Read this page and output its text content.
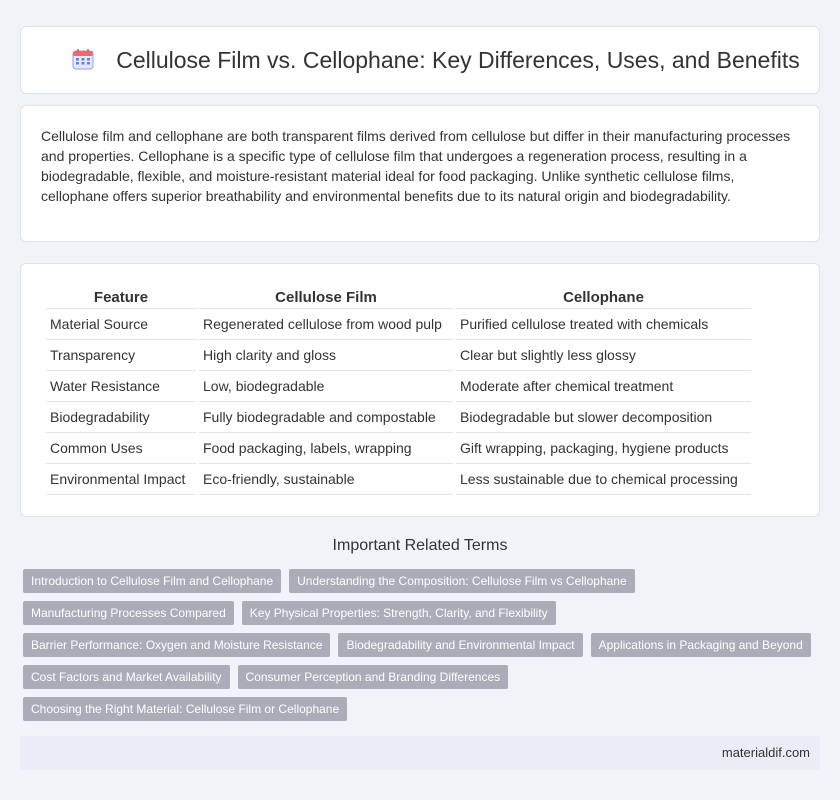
Cellulose Film vs. Cellophane: Key Differences, Uses, and Benefits

Cellulose film and cellophane are both transparent films derived from cellulose but differ in their manufacturing processes and properties. Cellophane is a specific type of cellulose film that undergoes a regeneration process, resulting in a biodegradable, flexible, and moisture-resistant material ideal for food packaging. Unlike synthetic cellulose films, cellophane offers superior breathability and environmental benefits due to its natural origin and biodegradability.

Feature	Cellulose Film	Cellophane
Material Source	Regenerated cellulose from wood pulp	Purified cellulose treated with chemicals
Transparency	High clarity and gloss	Clear but slightly less glossy
Water Resistance	Low, biodegradable	Moderate after chemical treatment
Biodegradability	Fully biodegradable and compostable	Biodegradable but slower decomposition
Common Uses	Food packaging, labels, wrapping	Gift wrapping, packaging, hygiene products
Environmental Impact	Eco-friendly, sustainable	Less sustainable due to chemical processing
Important Related Terms
Introduction to Cellulose Film and Cellophane	Understanding the Composition: Cellulose Film vs Cellophane
Manufacturing Processes Compared	Key Physical Properties: Strength, Clarity, and Flexibility
Barrier Performance: Oxygen and Moisture Resistance	Biodegradability and Environmental Impact	Applications in Packaging and Beyond
Cost Factors and Market Availability	Consumer Perception and Branding Differences
Choosing the Right Material: Cellulose Film or Cellophane
materialdif.com
